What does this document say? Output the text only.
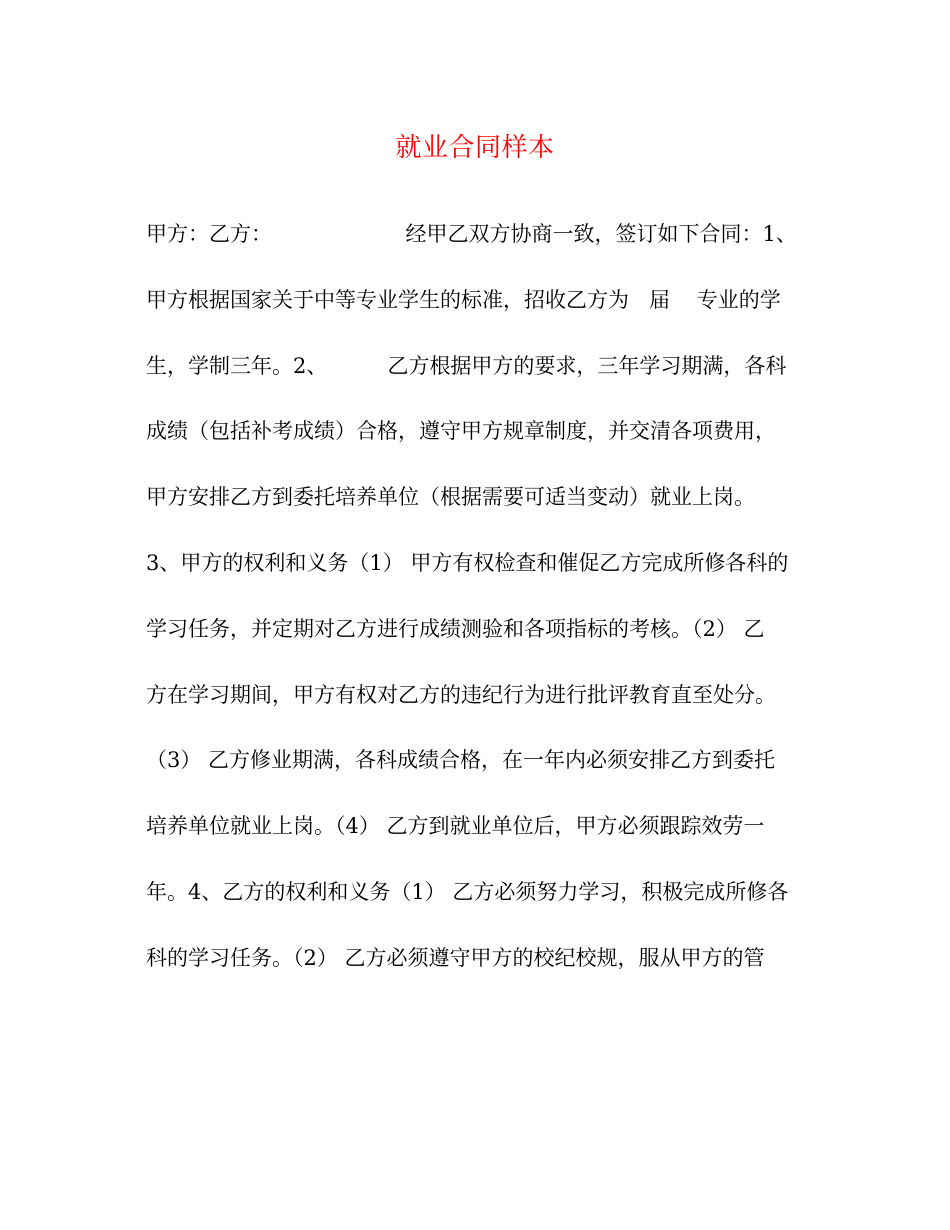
就业合同样本
甲方：乙方：                    经甲乙双方协商一致，签订如下合同：1、
甲方根据国家关于中等专业学生的标准，招收乙方为   届    专业的学
生，学制三年。2、         乙方根据甲方的要求，三年学习期满，各科
成绩（包括补考成绩）合格，遵守甲方规章制度，并交清各项费用，
甲方安排乙方到委托培养单位（根据需要可适当变动）就业上岗。
3、甲方的权利和义务（1） 甲方有权检查和催促乙方完成所修各科的
学习任务，并定期对乙方进行成绩测验和各项指标的考核。（2） 乙
方在学习期间，甲方有权对乙方的违纪行为进行批评教育直至处分。
（3） 乙方修业期满，各科成绩合格，在一年内必须安排乙方到委托
培养单位就业上岗。（4） 乙方到就业单位后，甲方必须跟踪效劳一
年。4、乙方的权利和义务（1） 乙方必须努力学习，积极完成所修各
科的学习任务。（2） 乙方必须遵守甲方的校纪校规，服从甲方的管
